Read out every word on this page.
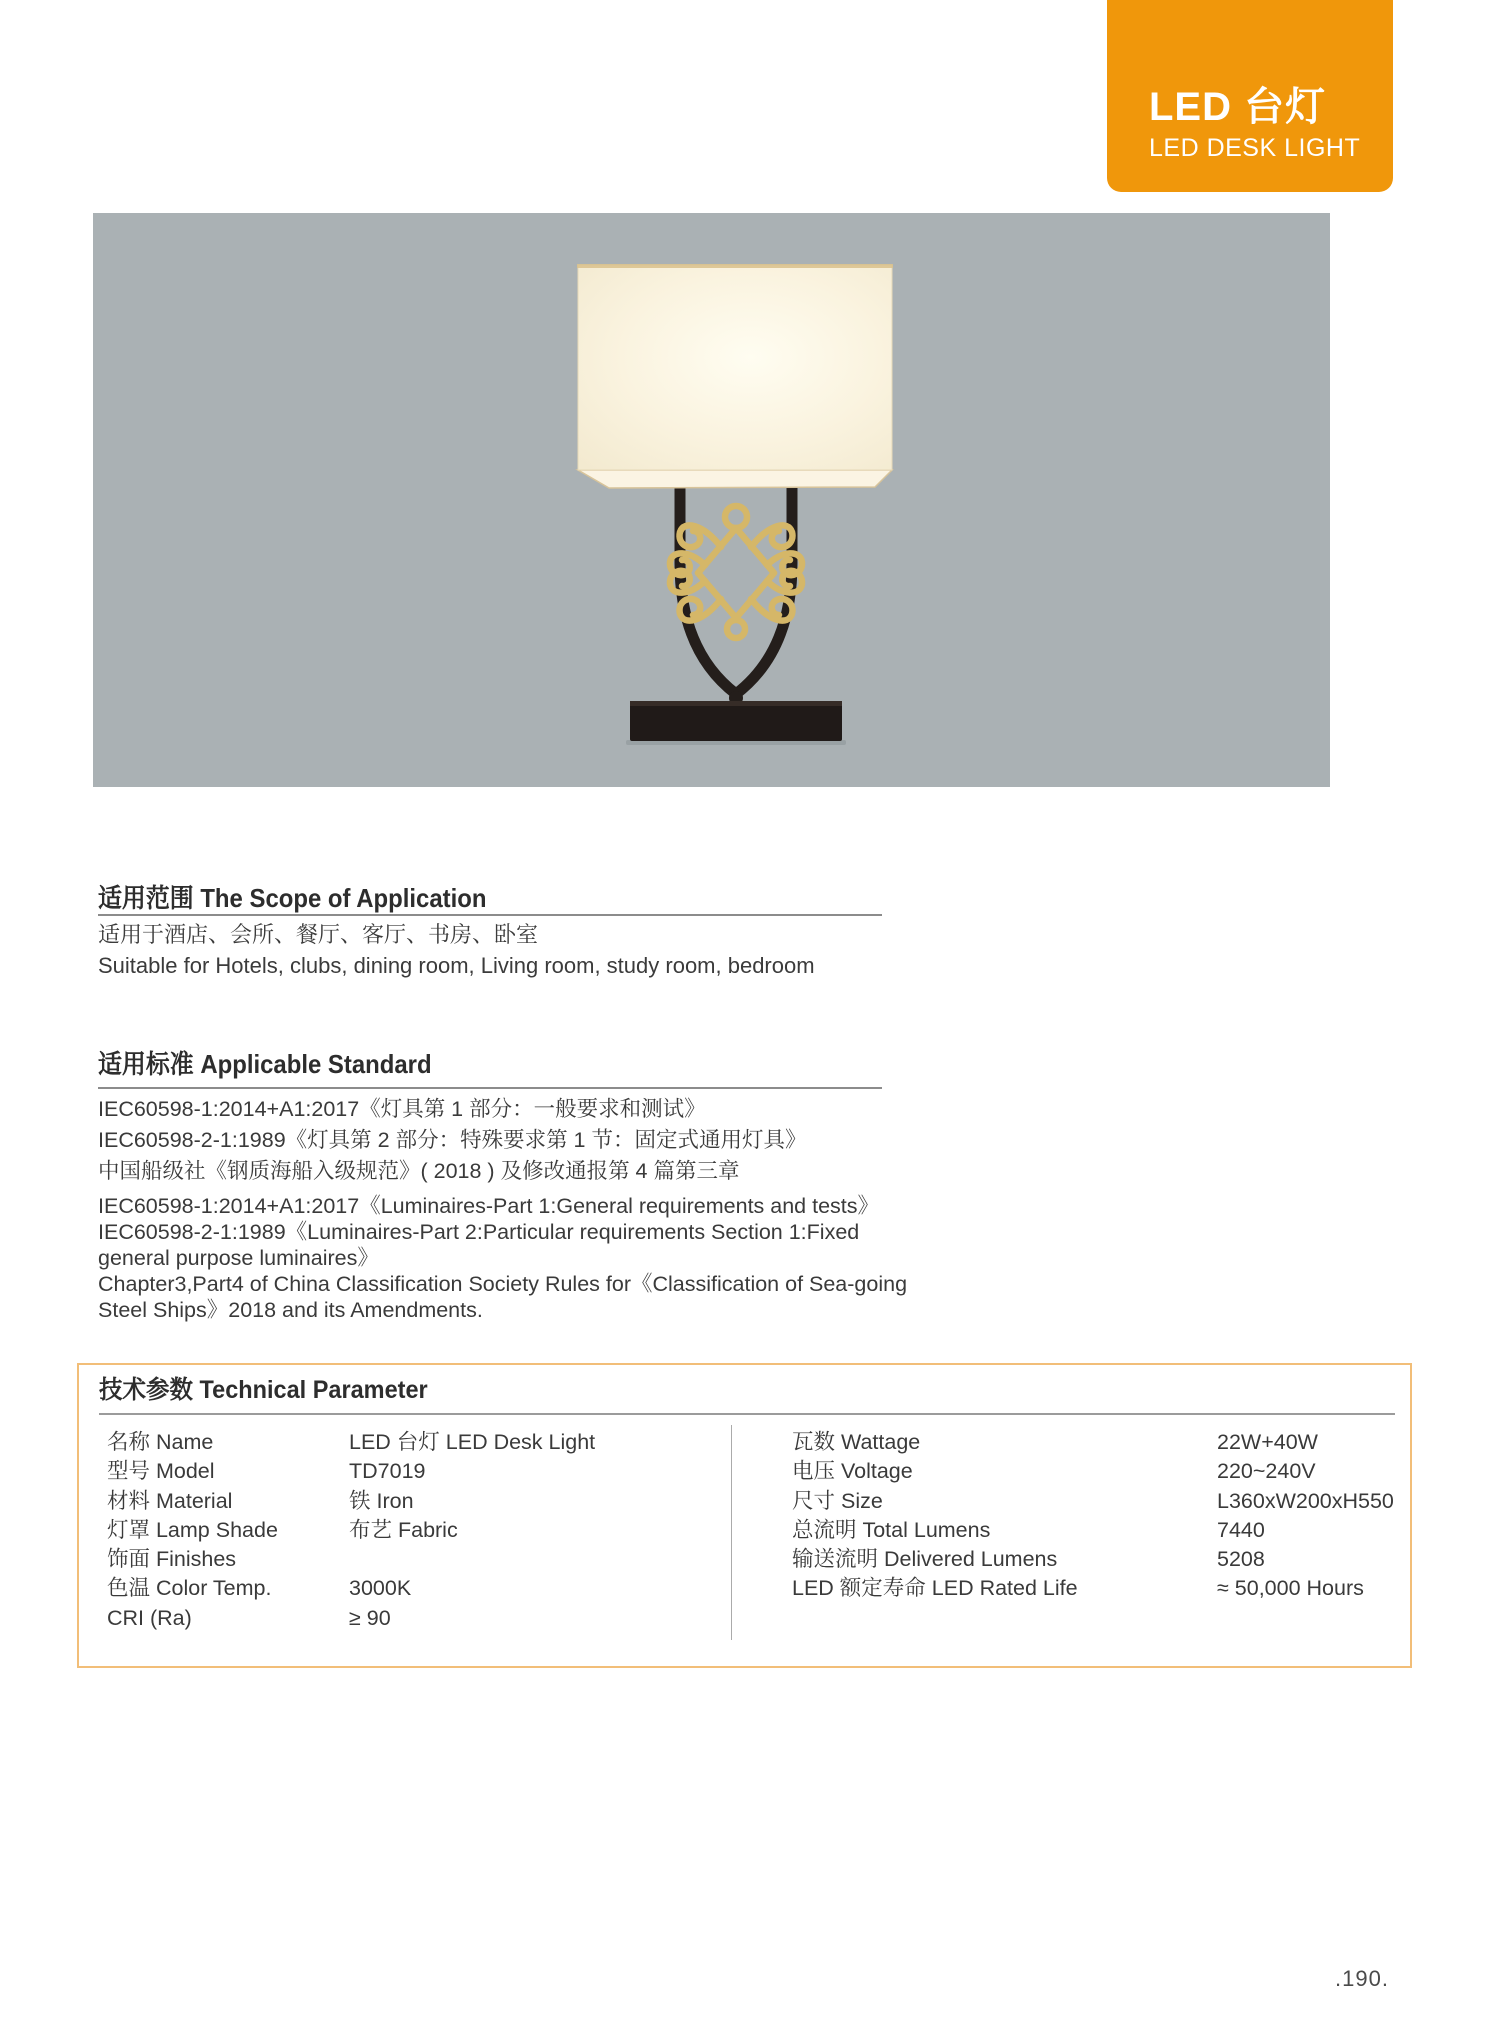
LED 台灯
LED DESK LIGHT
适用范围 The Scope of Application
适用于酒店、会所、餐厅、客厅、书房、卧室
Suitable for Hotels, clubs, dining room, Living room, study room, bedroom
适用标准 Applicable Standard
IEC60598-1:2014+A1:2017《灯具第 1 部分：一般要求和测试》
IEC60598-2-1:1989《灯具第 2 部分：特殊要求第 1 节：固定式通用灯具》
中国船级社《钢质海船入级规范》( 2018 ) 及修改通报第 4 篇第三章
IEC60598-1:2014+A1:2017《Luminaires-Part 1:General requirements and tests》
IEC60598-2-1:1989《Luminaires-Part 2:Particular requirements Section 1:Fixed
general purpose luminaires》
Chapter3,Part4 of China Classification Society Rules for《Classification of Sea-going
Steel Ships》2018 and its Amendments.
技术参数 Technical Parameter
名称 Name	LED 台灯 LED Desk Light
型号 Model	TD7019
材料 Material	铁 Iron
灯罩 Lamp Shade	布艺 Fabric
饰面 Finishes
色温 Color Temp.	3000K
CRI (Ra)	≥ 90
瓦数 Wattage	22W+40W
电压 Voltage	220~240V
尺寸 Size	L360xW200xH550
总流明 Total Lumens	7440
输送流明 Delivered Lumens	5208
LED 额定寿命 LED Rated Life	≈ 50,000 Hours
.190.
